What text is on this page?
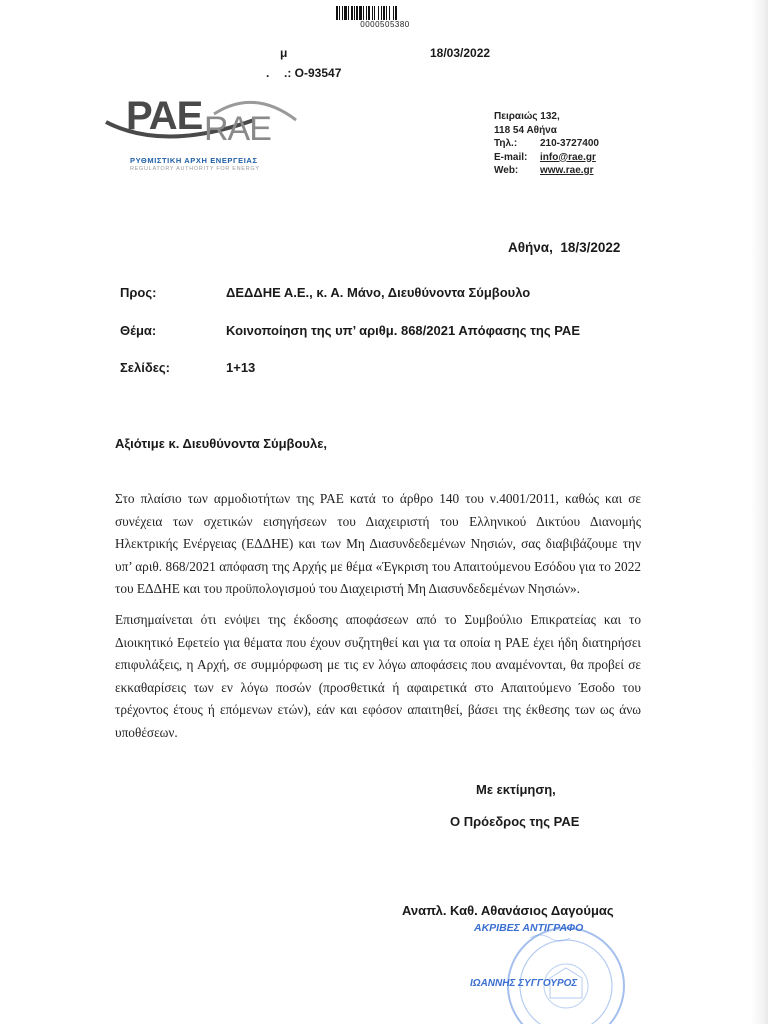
0000505380
μ	18/03/2022
. .: O-93547
ΡΑΕ RAE
ΡΥΘΜΙΣΤΙΚΗ ΑΡΧΗ ΕΝΕΡΓΕΙΑΣ
REGULATORY AUTHORITY FOR ENERGY
Πειραιώς 132,
118 54 Αθήνα
Τηλ.:	210-3727400
E-mail:	info@rae.gr
Web:	www.rae.gr
Αθήνα,  18/3/2022
Προς:	ΔΕΔΔΗΕ Α.Ε., κ. Α. Μάνο, Διευθύνοντα Σύμβουλο
Θέμα:	Κοινοποίηση της υπ’ αριθμ. 868/2021 Απόφασης της ΡΑΕ
Σελίδες:	1+13
Αξιότιμε κ. Διευθύνοντα Σύμβουλε,

Στο πλαίσιο των αρμοδιοτήτων της ΡΑΕ κατά το άρθρο 140 του ν.4001/2011, καθώς και σε συνέχεια των σχετικών εισηγήσεων του Διαχειριστή του Ελληνικού Δικτύου Διανομής Ηλεκτρικής Ενέργειας (ΕΔΔΗΕ) και των Μη Διασυνδεδεμένων Νησιών, σας διαβιβάζουμε την υπ’ αριθ. 868/2021 απόφαση της Αρχής με θέμα «Έγκριση του Απαιτούμενου Εσόδου για το 2022 του ΕΔΔΗΕ και του προϋπολογισμού του Διαχειριστή Μη Διασυνδεδεμένων Νησιών».

Επισημαίνεται ότι ενόψει της έκδοσης αποφάσεων από το Συμβούλιο Επικρατείας και το Διοικητικό Εφετείο για θέματα που έχουν συζητηθεί και για τα οποία η ΡΑΕ έχει ήδη διατηρήσει επιφυλάξεις, η Αρχή, σε συμμόρφωση με τις εν λόγω αποφάσεις που αναμένονται, θα προβεί σε εκκαθαρίσεις των εν λόγω ποσών (προσθετικά ή αφαιρετικά στο Απαιτούμενο Έσοδο του τρέχοντος έτους ή επόμενων ετών), εάν και εφόσον απαιτηθεί, βάσει της έκθεσης των ως άνω υποθέσεων.

Με εκτίμηση,
Ο Πρόεδρος της ΡΑΕ
ΑΚΡΙΒΕΣ ΑΝΤΙΓΡΑΦΟ
ΙΩΑΝΝΗΣ ΣΥΓΓΟΥΡΟΣ
Αναπλ. Καθ. Αθανάσιος Δαγούμας
